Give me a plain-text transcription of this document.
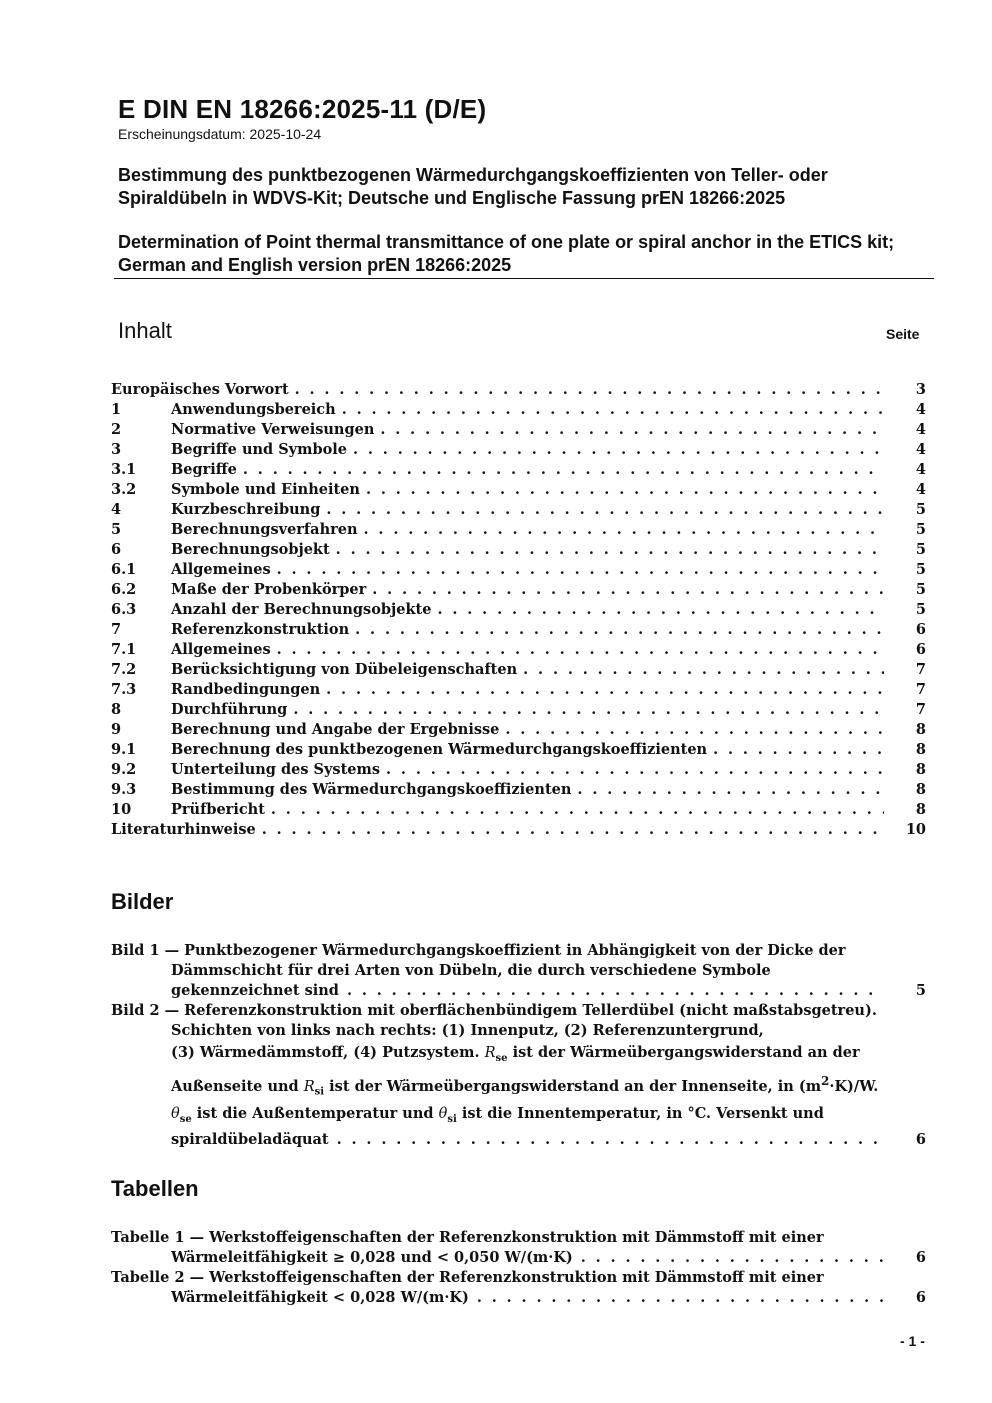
E DIN EN 18266:2025-11 (D/E)
Erscheinungsdatum: 2025-10-24
Bestimmung des punktbezogenen Wärmedurchgangskoeffizienten von Teller- oder Spiraldübeln in WDVS-Kit; Deutsche und Englische Fassung prEN 18266:2025
Determination of Point thermal transmittance of one plate or spiral anchor in the ETICS kit; German and English version prEN 18266:2025
Inhalt	Seite
Europäisches Vorwort . . .	3
1	Anwendungsbereich . . .	4
2	Normative Verweisungen . . .	4
3	Begriffe und Symbole . . .	4
3.1	Begriffe . . .	4
3.2	Symbole und Einheiten . . .	4
4	Kurzbeschreibung . . .	5
5	Berechnungsverfahren . . .	5
6	Berechnungsobjekt . . .	5
6.1	Allgemeines . . .	5
6.2	Maße der Probenkörper . . .	5
6.3	Anzahl der Berechnungsobjekte . . .	5
7	Referenzkonstruktion . . .	6
7.1	Allgemeines . . .	6
7.2	Berücksichtigung von Dübeleigenschaften . . .	7
7.3	Randbedingungen . . .	7
8	Durchführung . . .	7
9	Berechnung und Angabe der Ergebnisse . . .	8
9.1	Berechnung des punktbezogenen Wärmedurchgangskoeffizienten . . .	8
9.2	Unterteilung des Systems . . .	8
9.3	Bestimmung des Wärmedurchgangskoeffizienten . . .	8
10	Prüfbericht . . .	8
Literaturhinweise . . .	10
Bilder
Bild 1 — Punktbezogener Wärmedurchgangskoeffizient in Abhängigkeit von der Dicke der
Dämmschicht für drei Arten von Dübeln, die durch verschiedene Symbole
gekennzeichnet sind . . .	5
Bild 2 — Referenzkonstruktion mit oberflächenbündigem Tellerdübel (nicht maßstabsgetreu).
Schichten von links nach rechts: (1) Innenputz, (2) Referenzuntergrund,
(3) Wärmedämmstoff, (4) Putzsystem. $R_{se}$ ist der Wärmeübergangswiderstand an der
Außenseite und $R_{si}$ ist der Wärmeübergangswiderstand an der Innenseite, in $(m^2\cdot K)/W$.
$\theta_{se}$ ist die Außentemperatur und $\theta_{si}$ ist die Innentemperatur, in °C. Versenkt und
spiraldübeladäquat . . .	6
Tabellen
Tabelle 1 — Werkstoffeigenschaften der Referenzkonstruktion mit Dämmstoff mit einer
Wärmeleitfähigkeit ≥ 0,028 und < 0,050 W/(m·K) . . .	6
Tabelle 2 — Werkstoffeigenschaften der Referenzkonstruktion mit Dämmstoff mit einer
Wärmeleitfähigkeit < 0,028 W/(m·K) . . .	6
- 1 -
